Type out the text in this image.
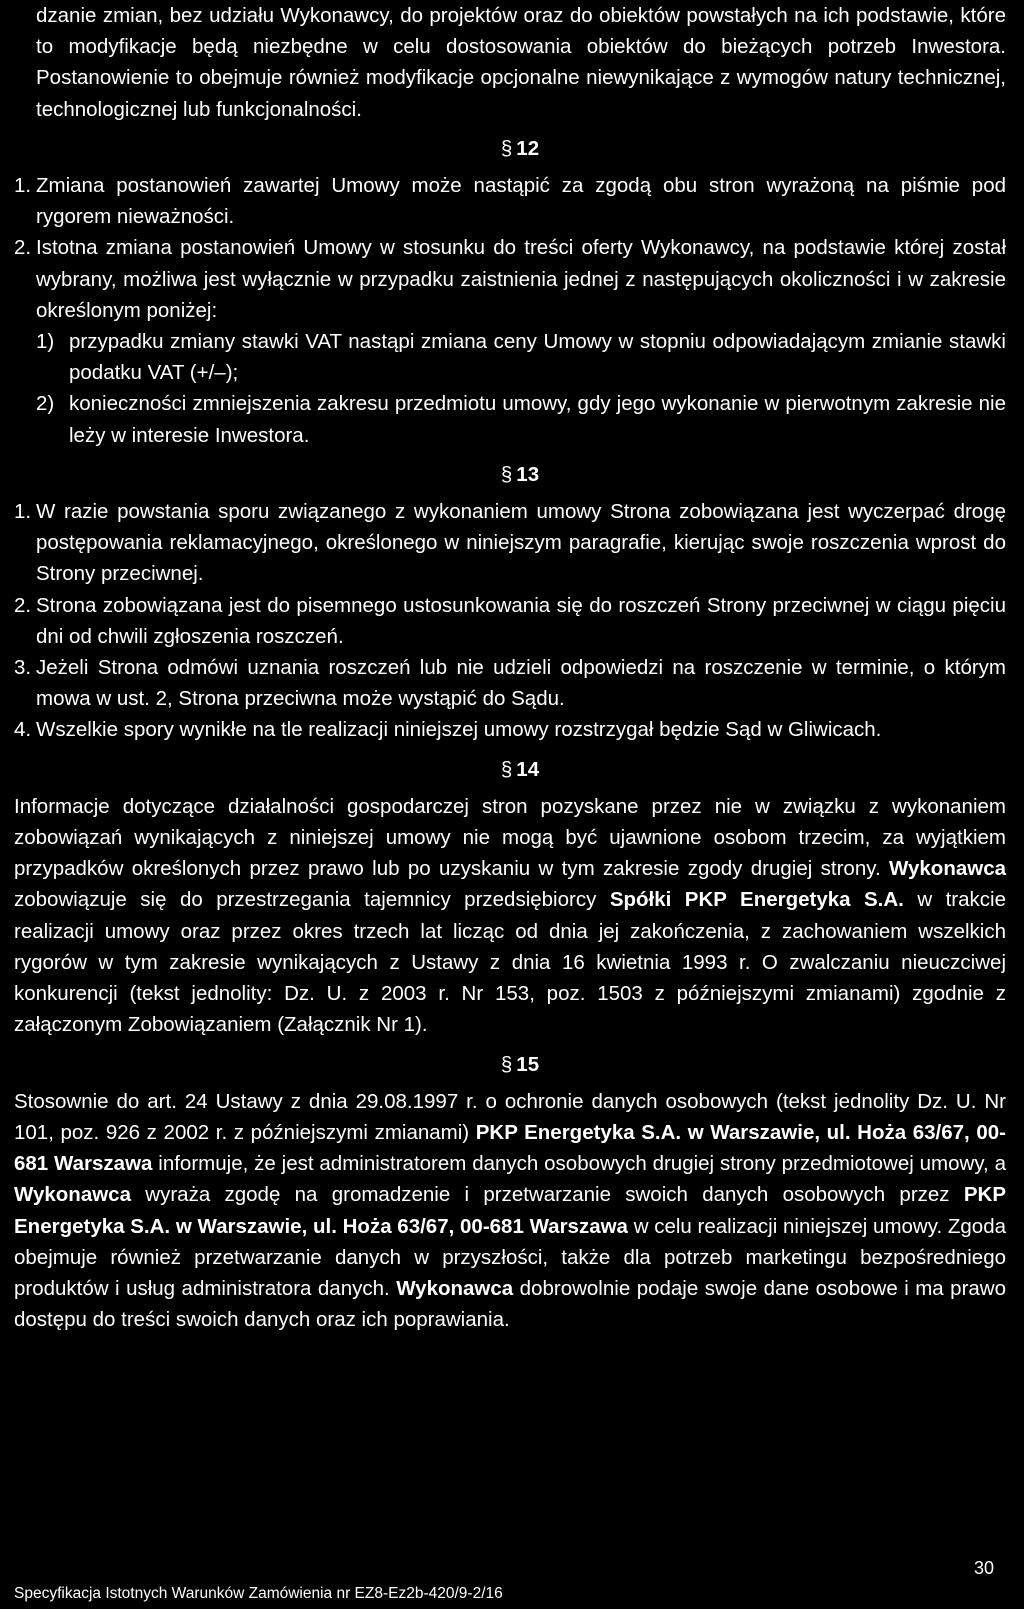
dzanie zmian, bez udziału Wykonawcy, do projektów oraz do obiektów powstałych na ich podstawie, które to modyfikacje będą niezbędne w celu dostosowania obiektów do bieżących potrzeb Inwestora. Postanowienie to obejmuje również modyfikacje opcjonalne niewynikające z wymogów natury technicznej, technologicznej lub funkcjonalności.

§ 12
1. Zmiana postanowień zawartej Umowy może nastąpić za zgodą obu stron wyrażoną na piśmie pod rygorem nieważności.

2. Istotna zmiana postanowień Umowy w stosunku do treści oferty Wykonawcy, na podstawie której został wybrany, możliwa jest wyłącznie w przypadku zaistnienia jednej z następujących okoliczności i w zakresie określonym poniżej:

1) przypadku zmiany stawki VAT nastąpi zmiana ceny Umowy w stopniu odpowiadającym zmianie stawki podatku VAT (+/–);

2) konieczności zmniejszenia zakresu przedmiotu umowy, gdy jego wykonanie w pierwotnym zakresie nie leży w interesie Inwestora.

§ 13
1. W razie powstania sporu związanego z wykonaniem umowy Strona zobowiązana jest wyczerpać drogę postępowania reklamacyjnego, określonego w niniejszym paragrafie, kierując swoje roszczenia wprost do Strony przeciwnej.

2. Strona zobowiązana jest do pisemnego ustosunkowania się do roszczeń Strony przeciwnej w ciągu pięciu dni od chwili zgłoszenia roszczeń.

3. Jeżeli Strona odmówi uznania roszczeń lub nie udzieli odpowiedzi na roszczenie w terminie, o którym mowa w ust. 2, Strona przeciwna może wystąpić do Sądu.

4. Wszelkie spory wynikłe na tle realizacji niniejszej umowy rozstrzygał będzie Sąd w Gliwicach.

§ 14

Informacje dotyczące działalności gospodarczej stron pozyskane przez nie w związku z wykonaniem zobowiązań wynikających z niniejszej umowy nie mogą być ujawnione osobom trzecim, za wyjątkiem przypadków określonych przez prawo lub po uzyskaniu w tym zakresie zgody drugiej strony. Wykonawca zobowiązuje się do przestrzegania tajemnicy przedsiębiorcy Spółki PKP Energetyka S.A. w trakcie realizacji umowy oraz przez okres trzech lat licząc od dnia jej zakończenia, z zachowaniem wszelkich rygorów w tym zakresie wynikających z Ustawy z dnia 16 kwietnia 1993 r. O zwalczaniu nieuczciwej konkurencji (tekst jednolity: Dz. U. z 2003 r. Nr 153, poz. 1503 z późniejszymi zmianami) zgodnie z załączonym Zobowiązaniem (Załącznik Nr 1).

§ 15

Stosownie do art. 24 Ustawy z dnia 29.08.1997 r. o ochronie danych osobowych (tekst jednolity Dz. U. Nr 101, poz. 926 z 2002 r. z późniejszymi zmianami) PKP Energetyka S.A. w Warszawie, ul. Hoża 63/67, 00-681 Warszawa informuje, że jest administratorem danych osobowych drugiej strony przedmiotowej umowy, a Wykonawca wyraża zgodę na gromadzenie i przetwarzanie swoich danych osobowych przez PKP Energetyka S.A. w Warszawie, ul. Hoża 63/67, 00-681 Warszawa w celu realizacji niniejszej umowy. Zgoda obejmuje również przetwarzanie danych w przyszłości, także dla potrzeb marketingu bezpośredniego produktów i usług administratora danych. Wykonawca dobrowolnie podaje swoje dane osobowe i ma prawo dostępu do treści swoich danych oraz ich poprawiania.

30
Specyfikacja Istotnych Warunków Zamówienia nr EZ8-Ez2b-420/9-2/16
